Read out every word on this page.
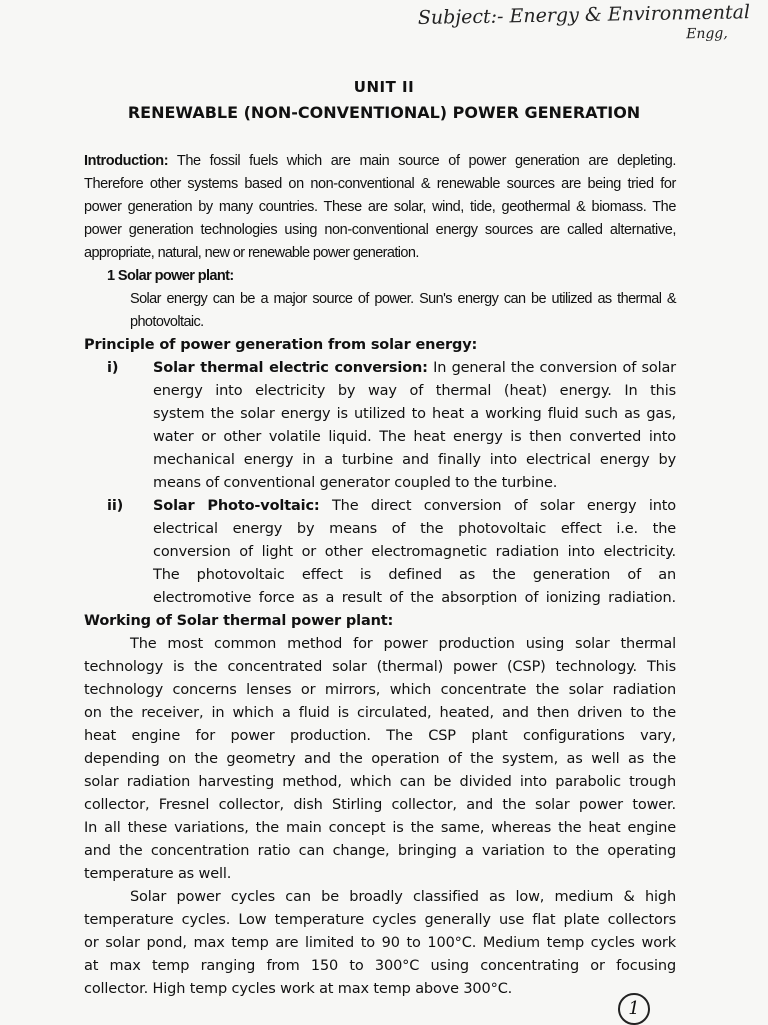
Subject:- Energy & Environmental
Engg,
UNIT II
RENEWABLE (NON-CONVENTIONAL) POWER GENERATION
Introduction: The fossil fuels which are main source of power generation are depleting.
Therefore other systems based on non-conventional & renewable sources are being tried for
power generation by many countries. These are solar, wind, tide, geothermal & biomass. The
power generation technologies using non-conventional energy sources are called alternative,
appropriate, natural, new or renewable power generation.
1 Solar power plant:
Solar energy can be a major source of power. Sun's energy can be utilized as thermal &
photovoltaic.
Principle of power generation from solar energy:
i) Solar thermal electric conversion: In general the conversion of solar
energy into electricity by way of thermal (heat) energy. In this
system the solar energy is utilized to heat a working fluid such as gas,
water or other volatile liquid. The heat energy is then converted into
mechanical energy in a turbine and finally into electrical energy by
means of conventional generator coupled to the turbine.
ii) Solar Photo-voltaic: The direct conversion of solar energy into
electrical energy by means of the photovoltaic effect i.e. the
conversion of light or other electromagnetic radiation into electricity.
The photovoltaic effect is defined as the generation of an
electromotive force as a result of the absorption of ionizing radiation.
Working of Solar thermal power plant:
The most common method for power production using solar thermal
technology is the concentrated solar (thermal) power (CSP) technology. This
technology concerns lenses or mirrors, which concentrate the solar radiation
on the receiver, in which a fluid is circulated, heated, and then driven to the
heat engine for power production. The CSP plant configurations vary,
depending on the geometry and the operation of the system, as well as the
solar radiation harvesting method, which can be divided into parabolic trough
collector, Fresnel collector, dish Stirling collector, and the solar power tower.
In all these variations, the main concept is the same, whereas the heat engine
and the concentration ratio can change, bringing a variation to the operating
temperature as well.
Solar power cycles can be broadly classified as low, medium & high
temperature cycles. Low temperature cycles generally use flat plate collectors
or solar pond, max temp are limited to 90 to 100°C. Medium temp cycles work
at max temp ranging from 150 to 300°C using concentrating or focusing
collector. High temp cycles work at max temp above 300°C.
1
